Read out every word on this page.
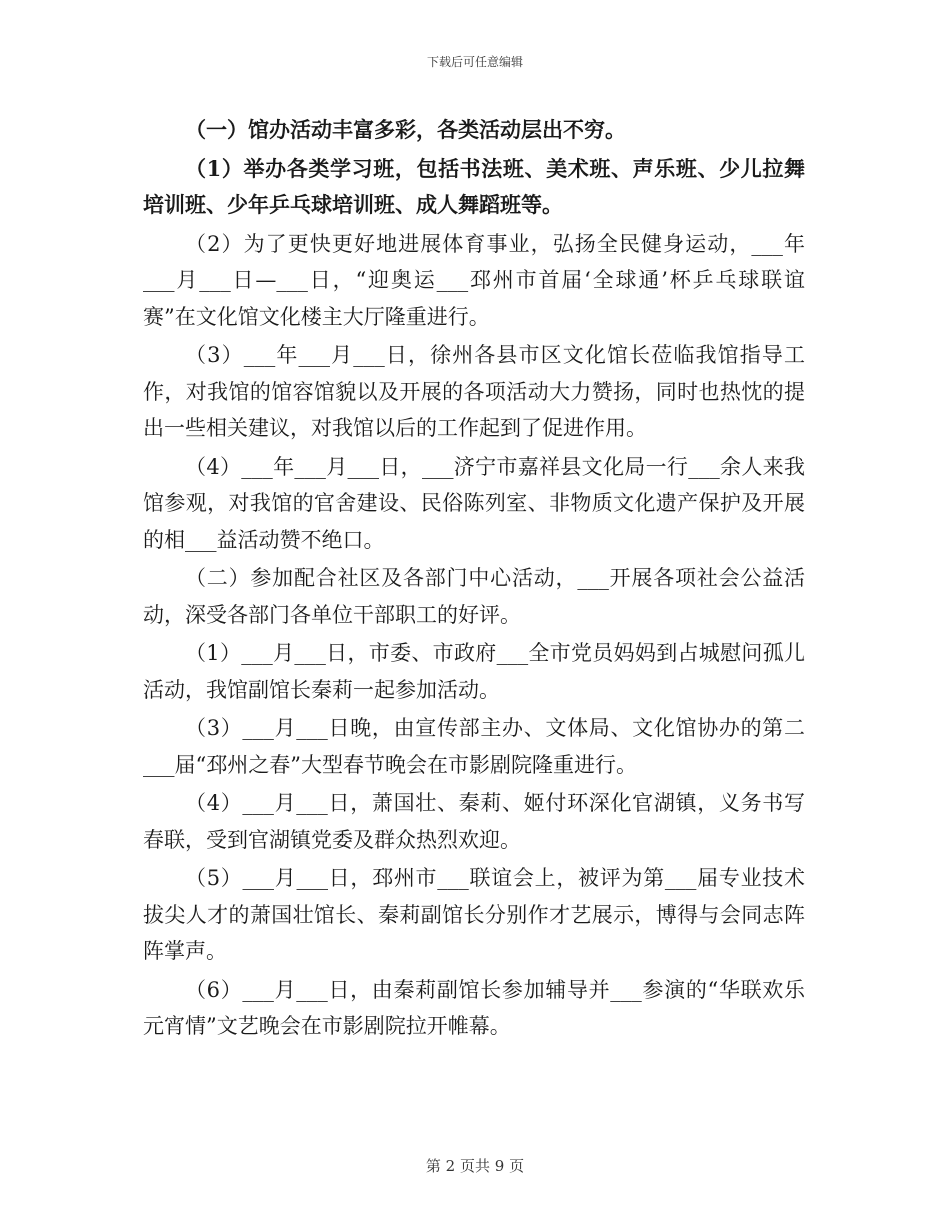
下载后可任意编辑

（一）馆办活动丰富多彩，各类活动层出不穷。

（1）举办各类学习班，包括书法班、美术班、声乐班、少儿拉舞培训班、少年乒乓球培训班、成人舞蹈班等。

（2）为了更快更好地进展体育事业，弘扬全民健身运动，___年___月___日—___日，“迎奥运___邳州市首届‘全球通’杯乒乓球联谊赛”在文化馆文化楼主大厅隆重进行。

（3）___年___月___日，徐州各县市区文化馆长莅临我馆指导工作，对我馆的馆容馆貌以及开展的各项活动大力赞扬，同时也热忱的提出一些相关建议，对我馆以后的工作起到了促进作用。

（4）___年___月___日，___济宁市嘉祥县文化局一行___余人来我馆参观，对我馆的官舍建设、民俗陈列室、非物质文化遗产保护及开展的相___益活动赞不绝口。

（二）参加配合社区及各部门中心活动，___开展各项社会公益活动，深受各部门各单位干部职工的好评。

（1）___月___日，市委、市政府___全市党员妈妈到占城慰问孤儿活动，我馆副馆长秦莉一起参加活动。

（3）___月___日晚，由宣传部主办、文体局、文化馆协办的第二___届“邳州之春”大型春节晚会在市影剧院隆重进行。

（4）___月___日，萧国壮、秦莉、姬付环深化官湖镇，义务书写春联，受到官湖镇党委及群众热烈欢迎。

（5）___月___日，邳州市___联谊会上，被评为第___届专业技术拔尖人才的萧国壮馆长、秦莉副馆长分别作才艺展示，博得与会同志阵阵掌声。

（6）___月___日，由秦莉副馆长参加辅导并___参演的“华联欢乐元宵情”文艺晚会在市影剧院拉开帷幕。

第 2 页共 9 页
